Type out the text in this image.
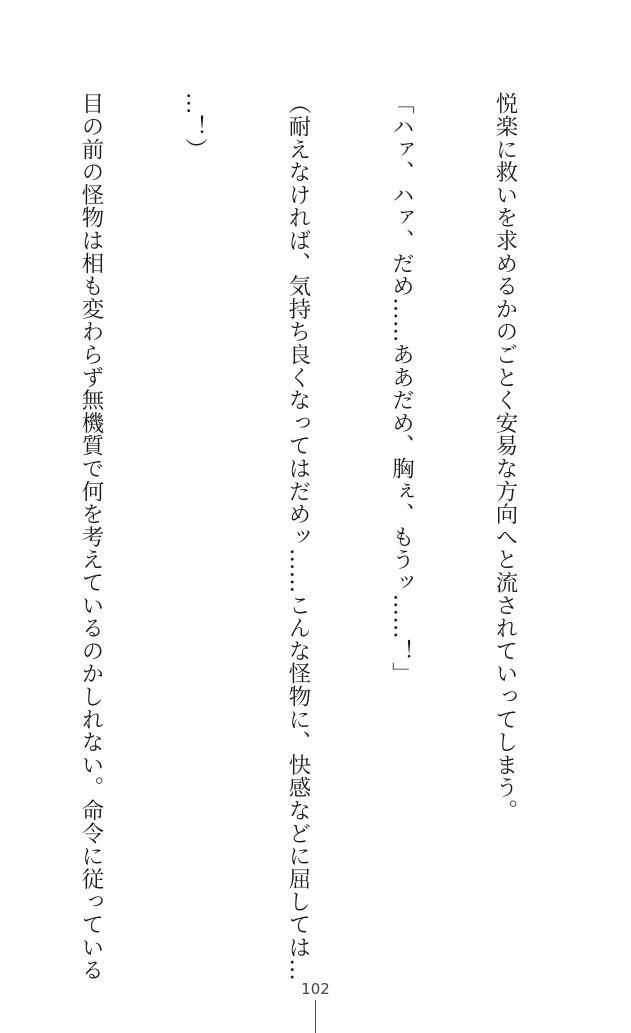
悦楽に救いを求めるかのごとく安易な方向へと流されていってしまう。

「ハァ、ハァ、だめ……ああだめ、胸ぇ、もうッ……！」

（耐えなければ、気持ち良くなってはだめッ……こんな怪物に、快感などに屈しては…

…！）

目の前の怪物は相も変わらず無機質で何を考えているのかしれない。命令に従っている

102
